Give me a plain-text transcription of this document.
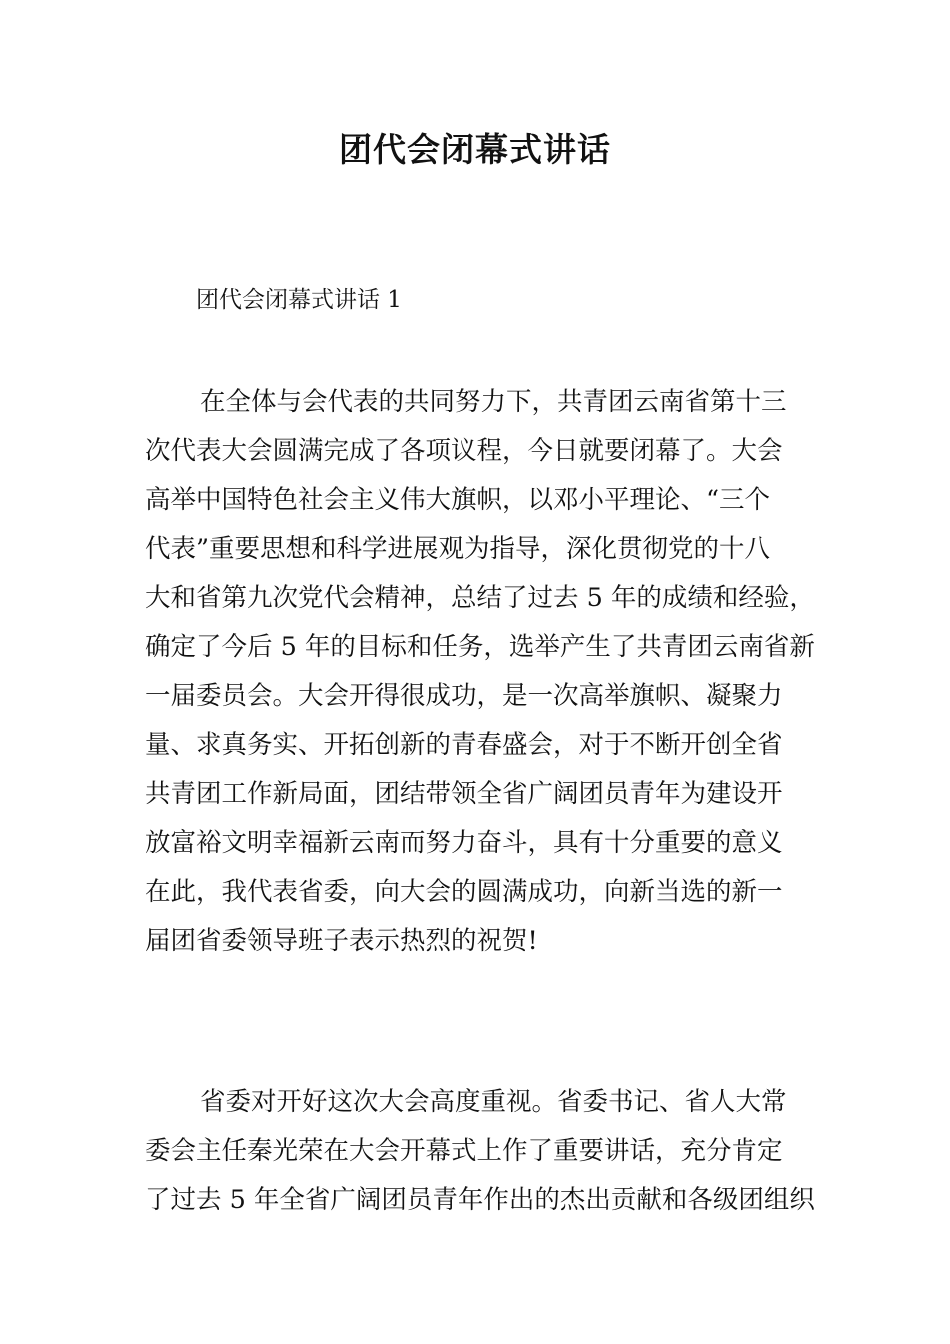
团代会闭幕式讲话

团代会闭幕式讲话 1

在全体与会代表的共同努力下，共青团云南省第十三
次代表大会圆满完成了各项议程，今日就要闭幕了。大会
高举中国特色社会主义伟大旗帜，以邓小平理论、“三个
代表”重要思想和科学进展观为指导，深化贯彻党的十八
大和省第九次党代会精神，总结了过去 5 年的成绩和经验，
确定了今后 5 年的目标和任务，选举产生了共青团云南省新
一届委员会。大会开得很成功，是一次高举旗帜、凝聚力
量、求真务实、开拓创新的青春盛会，对于不断开创全省
共青团工作新局面，团结带领全省广阔团员青年为建设开
放富裕文明幸福新云南而努力奋斗，具有十分重要的意义
在此，我代表省委，向大会的圆满成功，向新当选的新一
届团省委领导班子表示热烈的祝贺!
省委对开好这次大会高度重视。省委书记、省人大常
委会主任秦光荣在大会开幕式上作了重要讲话，充分肯定
了过去 5 年全省广阔团员青年作出的杰出贡献和各级团组织
